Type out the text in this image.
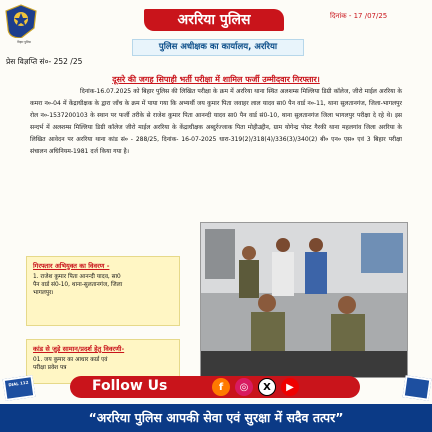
बिहार पुलिस
प्रेस विज्ञप्ति सं०- 252 /25
अररिया पुलिस	दिनांक - 17 /07/25
पुलिस अधीक्षक का कार्यालय, अररिया
दूसरे की जगह सिपाही भर्ती परीक्षा में शामिल फर्जी उम्मीदवार गिरफ्तार।

दिनांक-16.07.2025 को बिहार पुलिस की लिखित परीक्षा के क्रम में अररिया थाना स्थित अलशम्स मिल्लिया डिग्री कॉलेज, जीरो माईल अररिया के कमरा न०-04 में केंद्राधीक्षक के द्वारा जाँच के क्रम में पाया गया कि अभ्यर्थी जय कुमार पिता जवाहर लाल यादव सा0 पैन वार्ड न०-11, थाना सुलतानगंज, जिला-भागलपुर रोल न०-1537200103 के स्थान पर फर्जी तरीके से राजेश कुमार पिता आनन्दी यादव सा0 पैन वार्ड सं0-10, थाना सुलतानगंज जिला भागलपुर परीक्षा दे रहे थे। इस सन्दर्भ में अलशम्स मिल्लिया डिग्री कॉलेज जीरो माईल अररिया के केंद्राधीक्षक अब्दुर्रज्जाक पिता मोहीउद्दीन, ग्राम योगेन्द्र पोस्ट गैरकी थाना महलगांव जिला अररिया के लिखित आवेदन पर अररिया थाना कांड सं० - 288/25, दिनांक- 16-07-2025 धारा-319(2)/318(4)/336(3)/340(2) बी० एन० एस० एवं 3 बिहार परीक्षा संचालन अधिनियम-1981 दर्ज किया गया है।

गिरफ्तार अभियुक्त का विवरण -
1. राजेश कुमार पिता आनन्दी यादव, सा0
पैन वार्ड सं0-10, थाना-सुलतानगंज, जिला
भागलपुर।
कांड से जुड़े सामान/प्रदर्श हेतु विवरणी-
01. जय कुमार का आधार कार्ड एवं
परीक्षा प्रवेश पत्र
DIAL 112	Follow Us	f	◎	X	▶
“अररिया पुलिस आपकी सेवा एवं सुरक्षा में सदैव तत्पर”
